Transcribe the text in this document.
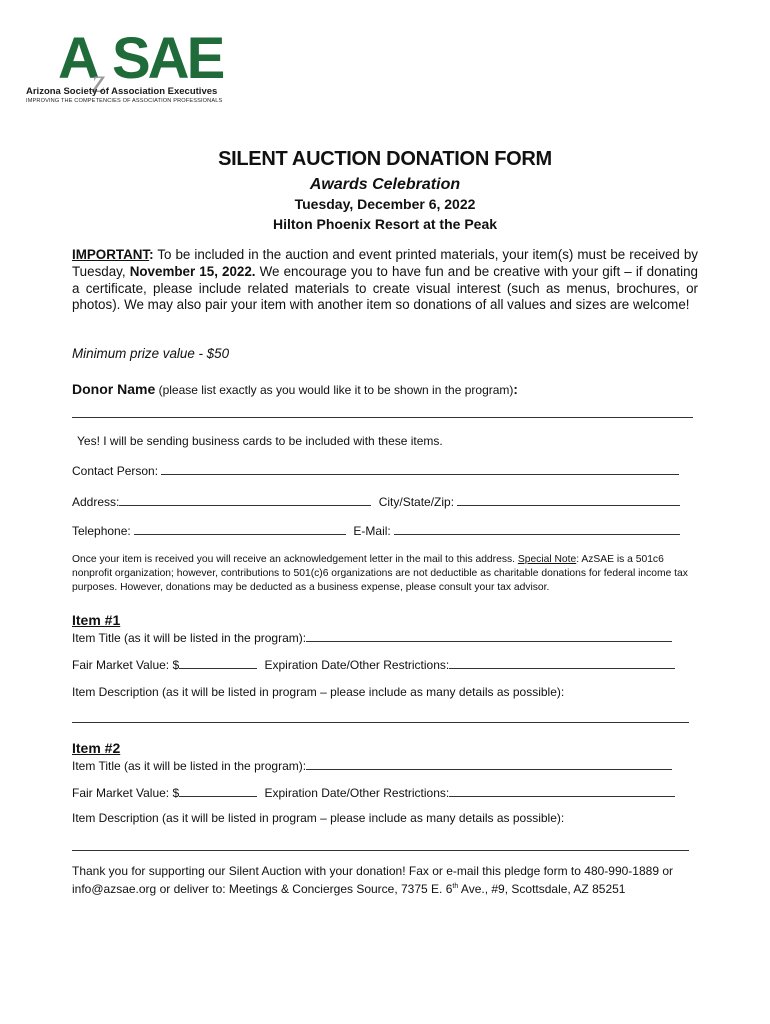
A
z SAE
Arizona Society of Association Executives
IMPROVING THE COMPETENCIES OF ASSOCIATION PROFESSIONALS
SILENT AUCTION DONATION FORM
Awards Celebration
Tuesday, December 6, 2022
Hilton Phoenix Resort at the Peak
IMPORTANT: To be included in the auction and event printed materials, your item(s) must be received by Tuesday, November 15, 2022. We encourage you to have fun and be creative with your gift – if donating a certificate, please include related materials to create visual interest (such as menus, brochures, or photos). We may also pair your item with another item so donations of all values and sizes are welcome!
Minimum prize value - $50
Donor Name (please list exactly as you would like it to be shown in the program):
Yes! I will be sending business cards to be included with these items.
Contact Person:
Address:	City/State/Zip:
Telephone:	E-Mail:
Once your item is received you will receive an acknowledgement letter in the mail to this address. Special Note: AzSAE is a 501c6 nonprofit organization; however, contributions to 501(c)6 organizations are not deductible as charitable donations for federal income tax purposes. However, donations may be deducted as a business expense, please consult your tax advisor.
Item #1
Item Title (as it will be listed in the program):
Fair Market Value: $	Expiration Date/Other Restrictions:
Item Description (as it will be listed in program – please include as many details as possible):
Item #2
Item Title (as it will be listed in the program):
Fair Market Value: $	Expiration Date/Other Restrictions:
Item Description (as it will be listed in program – please include as many details as possible):
Thank you for supporting our Silent Auction with your donation! Fax or e-mail this pledge form to 480-990-1889 or info@azsae.org or deliver to: Meetings & Concierges Source, 7375 E. 6th Ave., #9, Scottsdale, AZ 85251
